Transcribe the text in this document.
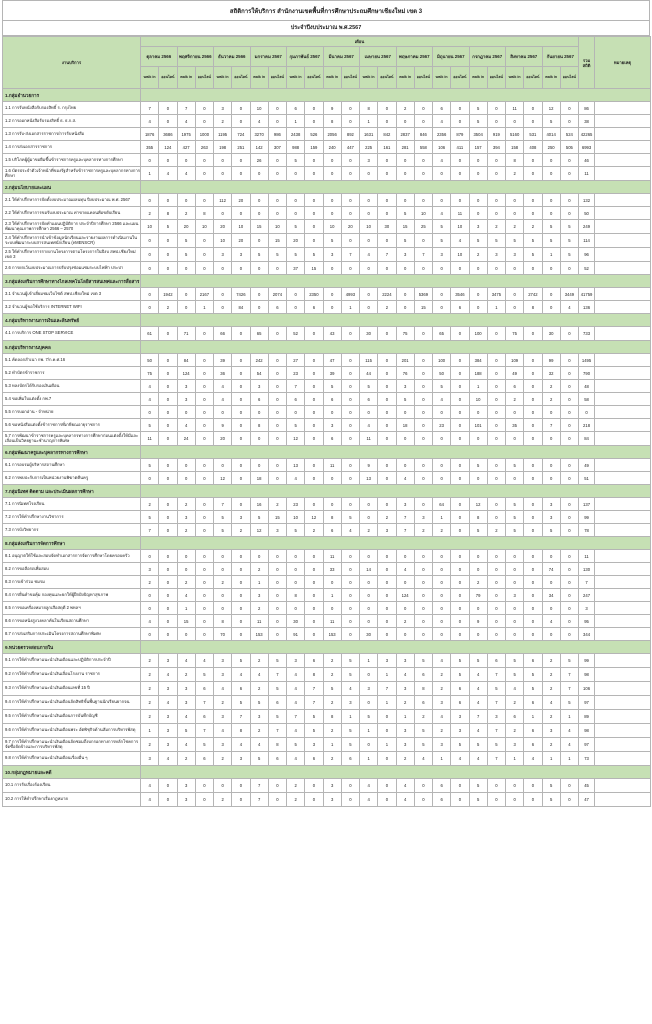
สถิติการให้บริการ สำนักงานเขตพื้นที่การศึกษาประถมศึกษาเชียงใหม่ เขต 3
ประจำปีงบประมาณ พ.ศ.2567
งานบริการ	เดือน																								รวมสถิติ	หมายเหตุ
	ตุลาคม 2566		พฤศจิกายน 2566		ธันวาคม 2566		มกราคม 2567		กุมภาพันธ์ 2567		มีนาคม 2567		เมษายน 2567		พฤษภาคม 2567		มิถุนายน 2567		กรกฎาคม 2567		สิงหาคม 2567		กันยายน 2567			
	walk in	ออนไลน์	walk in	ออนไลน์	walk in	ออนไลน์	walk in	ออนไลน์	walk in	ออนไลน์	walk in	ออนไลน์	walk in	ออนไลน์	walk in	ออนไลน์	walk in	ออนไลน์	walk in	ออนไลน์	walk in	ออนไลน์	walk in	ออนไลน์		
1.กลุ่มอำนวยการ																										
1.1 การรับหนังสือรับรองสิทธิ์ ร. กรุงไทย	7	0	7	0	3	0	10	0	6	0	9	0	8	0	2	0	6	0	5	0	11	0	12	0	86	
1.2 การออกหนังสือรับรองสิทธิ์ ธ. ธ.ก.ส.	4	0	4	0	2	0	4	0	1	0	8	0	1	0	0	0	4	0	5	0	0	0	5	0	38	
1.3 การรับ-ส่งเอกสารราชการ/การรับหนังสือ	1876	3686	1975	1000	1195	724	3270	986	2438	526	2056	892	1631	842	2837	846	2356	879	3504	919	5160	531	4014	524	42265	
1.4 การส่งเอกสารราชการ	355	124	427	263	198	251	142	307	988	159	240	447	225	161	281	558	106	411	157	394	158	408	250	505	6993	
1.5 บริโภคผู้ผู้มาขอยืมขึ้นข้าราชการครูและบุคลากรทางการศึกษา	0	0	0	0	0	0	26	0	5	0	0	0	3	0	0	0	4	0	0	0	8	0	0	0	46	
1.6 บัตรประจำตัวเจ้าหน้าที่ของรัฐสำหรับข้าราชการครูและบุคลากรทางการศึกษา	1	4	4	0	0	0	0	0	0	0	0	0	0	0	0	0	0	0	0	0	2	0	0	0	11	
2.กลุ่มนโยบายและแผน																										
2.1 ให้คำปรึกษาการจัดตั้งงบประมาณผลนทุน ปีงบประมาณ พ.ศ. 2567	0	0	0	0	112	20	0	0	0	0	0	0	0	0	0	0	0	0	0	0	0	0	0	0	132	
2.2 ให้คำปรึกษาการขอรับงบประมาณ ค่าขาดแคลนคือขยับเรียน	2	8	2	8	0	0	0	0	0	0	0	0	0	0	5	10	4	11	0	0	0	0	0	0	50	
2.3 ให้คำปรึกษาการจัดทำแผนปฏิบัติการ ประจำปีการศึกษา 2566 และแผนพัฒนาคุณภาพการศึกษา 2566 – 2570	10	5	20	10	20	10	15	10	5	0	10	20	10	30	15	25	5	10	3	2	2	2	5	5	249	
2.4 ให้คำปรึกษาการนำเข้าข้อมูลนักเรียนและรายงานผลการดำเนินงานในระบบพัฒนาระบบสารสนเทศนักเรียน (eMENSCR)	0	0	5	0	10	20	0	15	20	0	5	0	0	0	5	0	5	4	5	5	5	5	5	5	114	
2.5 ให้คำปรึกษาการรายงานโครงการตามโครงการในปีงบ สพป.เชียงใหม่ เขต 3	0	0	5	0	3	3	5	5	5	5	3	7	4	7	3	7	3	10	2	3	3	5	1	5	96	
2.6 การยกเว้นงบประมาณการปรับปรุงซ่อมแซมระบบไฟฟ้า ประปา	0	0	0	0	0	0	0	0	37	15	0	0	0	0	0	0	0	0	0	0	0	0	0	0	52	
3.กลุ่มส่งเสริมการศึกษาทางไกลเทคโนโลยีสารสนเทศและการสื่อสาร																										
3.1 จำนวนผู้เข้าเยี่ยมชมเว็บไซต์ สพป.เชียงใหม่ เขต 3	0	1942	0	2167	0	7426	0	2074	0	2350	0	4993	0	2224	0	5369	0	3546	0	3475	0	2742	0	3449	41759	
3.2 จำนวนผู้ขอใช้บริการ INTERNET WIFI	0	2	0	1	0	84	0	6	0	6	0	1	0	2	0	15	0	6	0	1	0	8	0	4	136	
4.กลุ่มบริหารงานการเงินและสินทรัพย์																										
4.1 การบริการ ONE STOP SERVICE	61	0	71	0	66	0	65	0	52	0	43	0	30	0	75	0	65	0	100	0	75	0	30	0	733	
5.กลุ่มบริหารงานบุคคล																										
5.1 คัดลอกสำเนา กพ. 7/ก.ค.ศ.16	50	0	84	0	39	0	242	0	27	0	47	0	115	0	201	0	100	0	384	0	109	0	99	0	1495	
5.2 ทำบัตรข้าราชการ	75	0	124	0	36	0	54	0	23	0	39	0	44	0	76	0	50	0	188	0	49	0	32	0	790	
5.3 หลงบัตรได้รับรองเงินเดือน	4	0	3	0	4	0	3	0	7	0	5	0	5	0	3	0	5	0	1	0	6	0	2	0	48	
5.4 ขอเพิ่มใบแต่งตั้ง กพ.7	4	0	3	0	4	0	6	0	6	0	6	0	6	0	5	0	4	0	10	0	2	0	2	0	58	
5.5 การบอกอ่าน - จำหน่าย	0	0	0	0	0	0	0	0	0	0	0	0	0	0	0	0	0	0	0	0	0	0	0	0	0	
5.6 ขอหนังสือแต่งตั้งข้าราชการที่เกษียณอายุราชการ	5	0	4	0	9	0	8	0	5	0	3	0	4	0	18	0	23	0	101	0	35	0	7	0	218	
5.7 การพัฒนาข้าราชการครูและบุคลากรทางการศึกษาก่อนแต่งตั้งให้มีและเลื่อนเป็นวิทยฐานะชำนาญการพิเศษ	11	0	24	0	20	0	0	0	12	0	6	0	11	0	0	0	0	0	0	0	0	0	0	0	84	
6.กลุ่มพัฒนาครูและบุคลากรทางการศึกษา																										
6.1 การอบรมผู้บริหารสถานศึกษา	5	0	0	0	0	0	0	0	13	0	11	0	9	0	0	0	0	0	5	0	5	0	0	0	49	
6.2 การพบปะกับการเป็นหน่วยงานพิฆาตคืนครู	0	0	0	0	12	0	18	0	4	0	0	0	13	0	4	0	0	0	0	0	0	0	0	0	51	
7.กลุ่มนิเทศ ติดตาม และประเมินผลการศึกษา																										
7.1 การนิเทศโรงเรียน	2	0	2	0	7	0	16	2	23	0	0	0	0	0	3	0	64	0	12	0	5	0	3	0	137	
7.2 การให้คำปรึกษางานวิชาการ	5	0	3	0	5	3	5	15	10	12	8	5	0	2	7	3	1	0	8	0	5	0	3	0	99	
7.3 การบังวิทยากร	7	0	2	0	5	2	12	3	5	2	6	4	2	3	7	2	2	0	5	2	5	0	5	0	78	
8.กลุ่มส่งเสริมการจัดการศึกษา																										
8.1 อนุญาตให้ใช้และสอบจัดทำเอกสารการจัดการศึกษาโดยครอบครัว	0	0	0	0	0	0	0	0	0	0	11	0	0	0	0	0	0	0	0	0	0	0	0	0	11	
8.2 การขอลือรถเพื่อสอบ	3	0	0	0	0	0	2	0	0	0	33	0	14	0	4	0	0	0	0	0	0	0	74	0	130	
8.3 การเข้าร่วม ชมรม	2	0	2	0	2	0	1	0	0	0	0	0	0	0	0	0	0	0	2	0	0	0	0	0	7	
8.4 การยื่นคำขอคุ้ม กองทุนและยกให้ผู้ฝึกฝังปัญหาสุขภาพ	0	0	4	0	0	0	3	0	8	0	1	0	0	0	124	0	0	0	79	0	3	0	34	0	247	
8.5 การขอเครื่องหมายลูกเสือสดุดี 2 พหลฯ	0	0	1	0	0	0	2	0	0	0	0	0	0	0	0	0	0	0	0	0	0	0	0	0	3	
8.6 การขอหนังสูงวงคลาคันในเรียนสถานศึกษา	4	0	15	0	8	0	11	0	30	0	11	0	0	0	2	0	0	0	9	0	0	0	4	0	95	
8.7 การส่งเสริมการประเมินโครงการสถานศึกษาพิเศษ	0	0	0	0	70	0	153	0	91	0	153	0	30	0	0	0	0	0	0	0	0	0	0	0	344	
9.หน่วยตรวจสอบภายใน																										
9.1 การให้คำปรึกษาแนะนำเงินเดือนและปฏิบัติการประจำปี	2	3	4	4	3	5	2	5	3	6	2	5	1	3	3	5	4	5	5	6	5	6	2	5	99	
9.2 การให้คำปรึกษาแนะนำเงินเลื่อนโรงงาน ราชการ	2	4	2	5	3	4	4	7	4	8	2	5	0	1	4	6	2	5	4	7	5	5	2	7	98	
9.3 การให้คำปรึกษาแนะนำเงินเดือนเลขที่ 15 ปี	2	3	3	6	4	6	2	5	4	7	5	4	3	7	3	8	2	6	4	5	4	5	2	7	106	
9.4 การให้คำปรึกษาแนะนำเงินเดือนจัดสิทธิขั้นพื้นฐานนักเรียนยากจน	2	4	3	7	2	5	5	6	4	7	2	3	0	1	2	6	3	6	4	7	2	6	4	5	97	
9.5 การให้คำปรึกษาแนะนำเงินเดือนการบันทึกบัญชี	2	3	4	6	3	7	3	5	7	5	8	1	5	0	1	2	4	3	7	3	6	1	2	1	89	
9.6 การให้คำปรึกษาแนะนำเงินเดือนพระ อัตพิชุกิจด้านสัมการบริหารพัสดุ	1	3	5	7	4	8	2	7	4	5	2	5	1	0	3	5	2	3	4	7	2	6	3	4	98	
9.7 การให้คำปรึกษาแนะนำเงินเดือนจัดซอมถึงบกรอกทางการหลักโชคการจัดซื้อจัดจ้างและการบริหารพัสดุ	2	3	4	5	3	4	4	8	5	3	1	5	0	1	3	5	3	5	5	5	3	6	2	4	97	
9.8 การให้คำปรึกษาแนะนำเงินเดือนเรื่องอื่น ๆ	3	4	2	6	2	3	5	6	4	6	2	6	1	0	2	4	1	4	4	7	1	4	1	1	73	
10.กลุ่มกฎหมายและคดี																										
10.1 การรับเรื่องร้องเรียน	4	0	3	0	0	0	7	0	2	0	3	0	4	0	4	0	6	0	5	0	0	0	5	0	45	
10.2 การให้คำปรึกษาเรื่องกฎหมาย	4	0	3	0	2	0	7	0	2	0	3	0	4	0	4	0	6	0	5	0	0	0	5	0	47	
